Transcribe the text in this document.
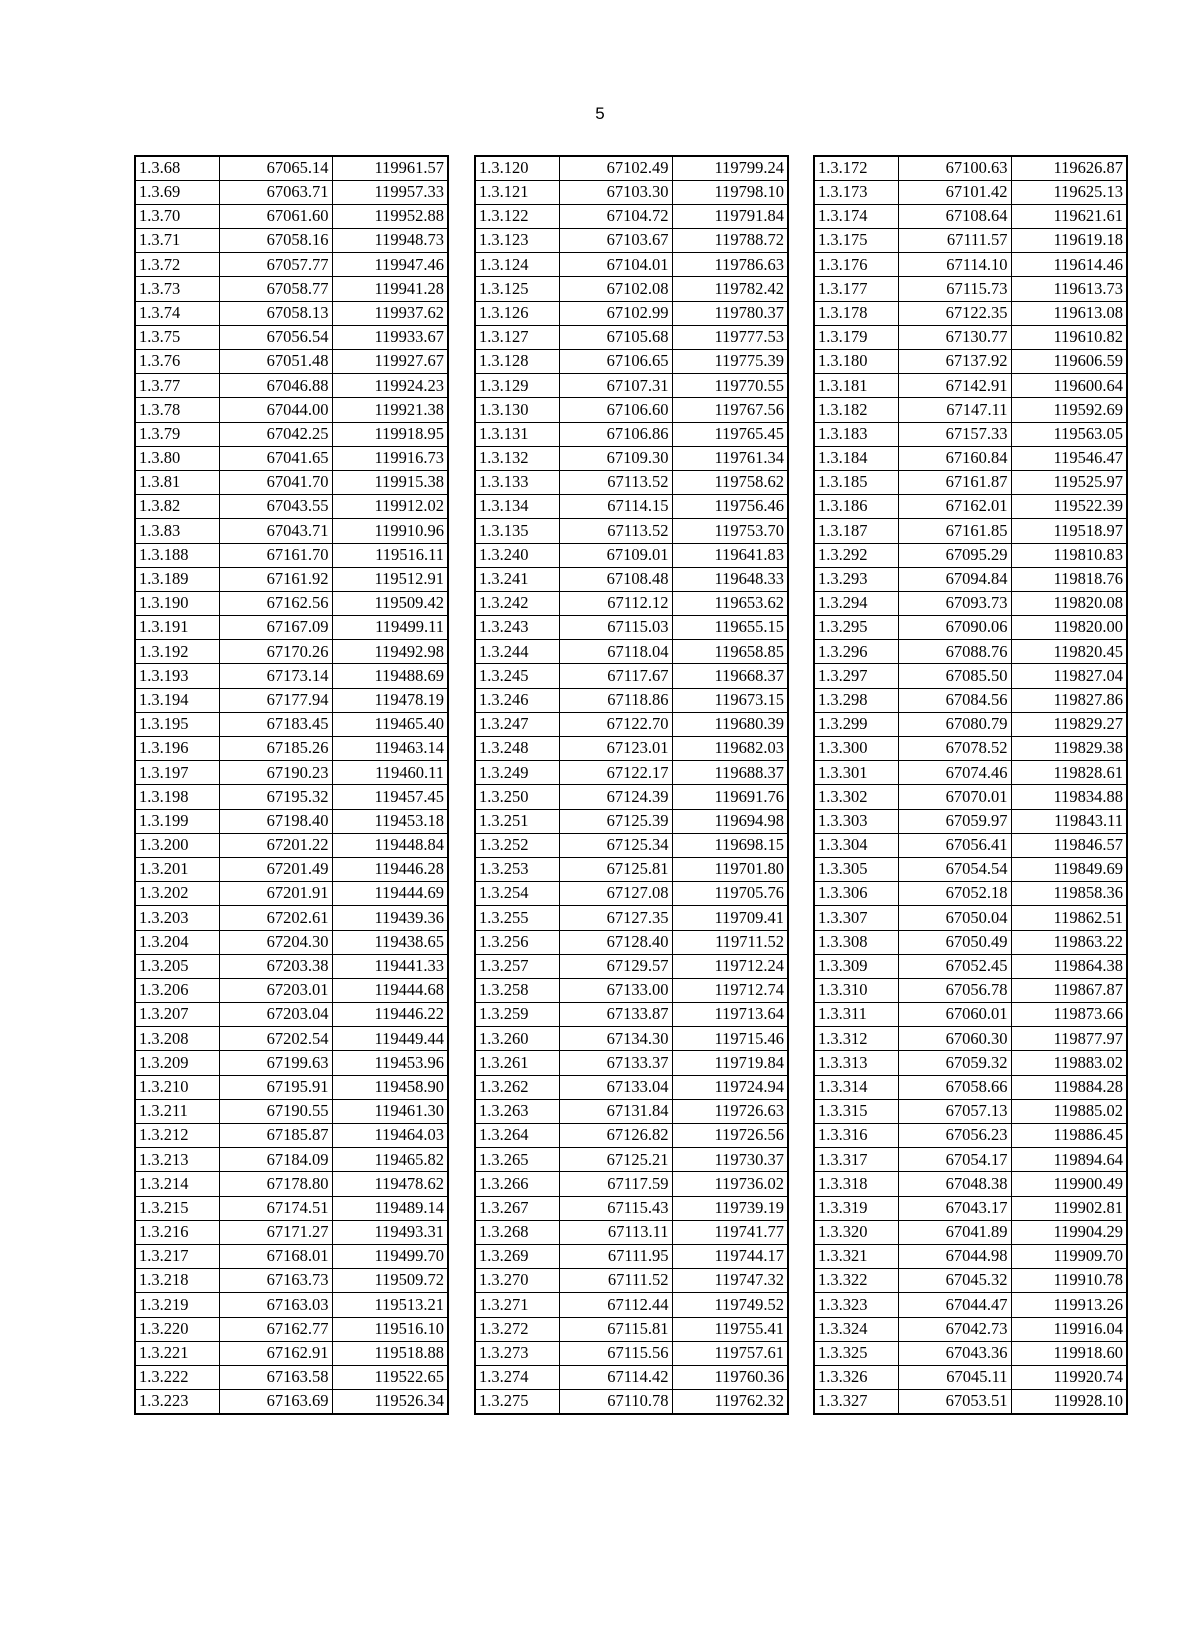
5
1.3.68	67065.14	119961.57
1.3.69	67063.71	119957.33
1.3.70	67061.60	119952.88
1.3.71	67058.16	119948.73
1.3.72	67057.77	119947.46
1.3.73	67058.77	119941.28
1.3.74	67058.13	119937.62
1.3.75	67056.54	119933.67
1.3.76	67051.48	119927.67
1.3.77	67046.88	119924.23
1.3.78	67044.00	119921.38
1.3.79	67042.25	119918.95
1.3.80	67041.65	119916.73
1.3.81	67041.70	119915.38
1.3.82	67043.55	119912.02
1.3.83	67043.71	119910.96
1.3.188	67161.70	119516.11
1.3.189	67161.92	119512.91
1.3.190	67162.56	119509.42
1.3.191	67167.09	119499.11
1.3.192	67170.26	119492.98
1.3.193	67173.14	119488.69
1.3.194	67177.94	119478.19
1.3.195	67183.45	119465.40
1.3.196	67185.26	119463.14
1.3.197	67190.23	119460.11
1.3.198	67195.32	119457.45
1.3.199	67198.40	119453.18
1.3.200	67201.22	119448.84
1.3.201	67201.49	119446.28
1.3.202	67201.91	119444.69
1.3.203	67202.61	119439.36
1.3.204	67204.30	119438.65
1.3.205	67203.38	119441.33
1.3.206	67203.01	119444.68
1.3.207	67203.04	119446.22
1.3.208	67202.54	119449.44
1.3.209	67199.63	119453.96
1.3.210	67195.91	119458.90
1.3.211	67190.55	119461.30
1.3.212	67185.87	119464.03
1.3.213	67184.09	119465.82
1.3.214	67178.80	119478.62
1.3.215	67174.51	119489.14
1.3.216	67171.27	119493.31
1.3.217	67168.01	119499.70
1.3.218	67163.73	119509.72
1.3.219	67163.03	119513.21
1.3.220	67162.77	119516.10
1.3.221	67162.91	119518.88
1.3.222	67163.58	119522.65
1.3.223	67163.69	119526.34
1.3.120	67102.49	119799.24
1.3.121	67103.30	119798.10
1.3.122	67104.72	119791.84
1.3.123	67103.67	119788.72
1.3.124	67104.01	119786.63
1.3.125	67102.08	119782.42
1.3.126	67102.99	119780.37
1.3.127	67105.68	119777.53
1.3.128	67106.65	119775.39
1.3.129	67107.31	119770.55
1.3.130	67106.60	119767.56
1.3.131	67106.86	119765.45
1.3.132	67109.30	119761.34
1.3.133	67113.52	119758.62
1.3.134	67114.15	119756.46
1.3.135	67113.52	119753.70
1.3.240	67109.01	119641.83
1.3.241	67108.48	119648.33
1.3.242	67112.12	119653.62
1.3.243	67115.03	119655.15
1.3.244	67118.04	119658.85
1.3.245	67117.67	119668.37
1.3.246	67118.86	119673.15
1.3.247	67122.70	119680.39
1.3.248	67123.01	119682.03
1.3.249	67122.17	119688.37
1.3.250	67124.39	119691.76
1.3.251	67125.39	119694.98
1.3.252	67125.34	119698.15
1.3.253	67125.81	119701.80
1.3.254	67127.08	119705.76
1.3.255	67127.35	119709.41
1.3.256	67128.40	119711.52
1.3.257	67129.57	119712.24
1.3.258	67133.00	119712.74
1.3.259	67133.87	119713.64
1.3.260	67134.30	119715.46
1.3.261	67133.37	119719.84
1.3.262	67133.04	119724.94
1.3.263	67131.84	119726.63
1.3.264	67126.82	119726.56
1.3.265	67125.21	119730.37
1.3.266	67117.59	119736.02
1.3.267	67115.43	119739.19
1.3.268	67113.11	119741.77
1.3.269	67111.95	119744.17
1.3.270	67111.52	119747.32
1.3.271	67112.44	119749.52
1.3.272	67115.81	119755.41
1.3.273	67115.56	119757.61
1.3.274	67114.42	119760.36
1.3.275	67110.78	119762.32
1.3.172	67100.63	119626.87
1.3.173	67101.42	119625.13
1.3.174	67108.64	119621.61
1.3.175	67111.57	119619.18
1.3.176	67114.10	119614.46
1.3.177	67115.73	119613.73
1.3.178	67122.35	119613.08
1.3.179	67130.77	119610.82
1.3.180	67137.92	119606.59
1.3.181	67142.91	119600.64
1.3.182	67147.11	119592.69
1.3.183	67157.33	119563.05
1.3.184	67160.84	119546.47
1.3.185	67161.87	119525.97
1.3.186	67162.01	119522.39
1.3.187	67161.85	119518.97
1.3.292	67095.29	119810.83
1.3.293	67094.84	119818.76
1.3.294	67093.73	119820.08
1.3.295	67090.06	119820.00
1.3.296	67088.76	119820.45
1.3.297	67085.50	119827.04
1.3.298	67084.56	119827.86
1.3.299	67080.79	119829.27
1.3.300	67078.52	119829.38
1.3.301	67074.46	119828.61
1.3.302	67070.01	119834.88
1.3.303	67059.97	119843.11
1.3.304	67056.41	119846.57
1.3.305	67054.54	119849.69
1.3.306	67052.18	119858.36
1.3.307	67050.04	119862.51
1.3.308	67050.49	119863.22
1.3.309	67052.45	119864.38
1.3.310	67056.78	119867.87
1.3.311	67060.01	119873.66
1.3.312	67060.30	119877.97
1.3.313	67059.32	119883.02
1.3.314	67058.66	119884.28
1.3.315	67057.13	119885.02
1.3.316	67056.23	119886.45
1.3.317	67054.17	119894.64
1.3.318	67048.38	119900.49
1.3.319	67043.17	119902.81
1.3.320	67041.89	119904.29
1.3.321	67044.98	119909.70
1.3.322	67045.32	119910.78
1.3.323	67044.47	119913.26
1.3.324	67042.73	119916.04
1.3.325	67043.36	119918.60
1.3.326	67045.11	119920.74
1.3.327	67053.51	119928.10
